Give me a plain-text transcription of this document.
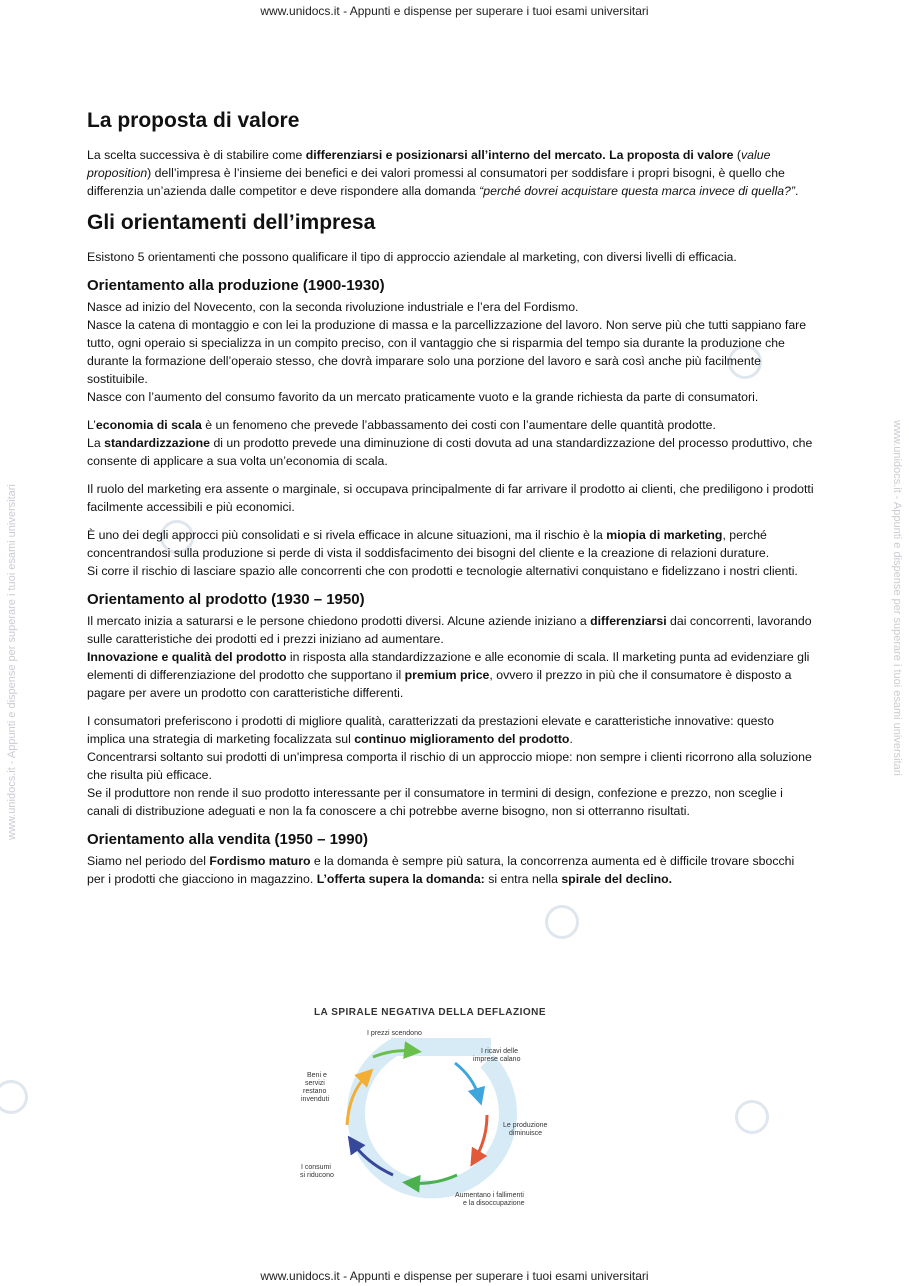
www.unidocs.it - Appunti e dispense per superare i tuoi esami universitari
www.unidocs.it - Appunti e dispense per superare i tuoi esami universitari	www.unidocs.it - Appunti e dispense per superare i tuoi esami universitari
La proposta di valore

La scelta successiva è di stabilire come differenziarsi e posizionarsi all’interno del mercato. La proposta di valore (value proposition) dell’impresa è l’insieme dei benefici e dei valori promessi al consumatori per soddisfare i propri bisogni, è quello che differenzia un’azienda dalle competitor e deve rispondere alla domanda “perché dovrei acquistare questa marca invece di quella?”.

Gli orientamenti dell’impresa

Esistono 5 orientamenti che possono qualificare il tipo di approccio aziendale al marketing, con diversi livelli di efficacia.

Orientamento alla produzione (1900-1930)

Nasce ad inizio del Novecento, con la seconda rivoluzione industriale e l’era del Fordismo.

Nasce la catena di montaggio e con lei la produzione di massa e la parcellizzazione del lavoro. Non serve più che tutti sappiano fare tutto, ogni operaio si specializza in un compito preciso, con il vantaggio che si risparmia del tempo sia durante la produzione che durante la formazione dell’operaio stesso, che dovrà imparare solo una porzione del lavoro e sarà così anche più facilmente sostituibile.

Nasce con l’aumento del consumo favorito da un mercato praticamente vuoto e la grande richiesta da parte di consumatori.

L’economia di scala è un fenomeno che prevede l’abbassamento dei costi con l’aumentare delle quantità prodotte.

La standardizzazione di un prodotto prevede una diminuzione di costi dovuta ad una standardizzazione del processo produttivo, che consente di applicare a sua volta un’economia di scala.

Il ruolo del marketing era assente o marginale, si occupava principalmente di far arrivare il prodotto ai clienti, che prediligono i prodotti facilmente accessibili e più economici.

È uno dei degli approcci più consolidati e si rivela efficace in alcune situazioni, ma il rischio è la miopia di marketing, perché concentrandosi sulla produzione si perde di vista il soddisfacimento dei bisogni del cliente e la creazione di relazioni durature.

Si corre il rischio di lasciare spazio alle concorrenti che con prodotti e tecnologie alternativi conquistano e fidelizzano i nostri clienti.

Orientamento al prodotto (1930 – 1950)

Il mercato inizia a saturarsi e le persone chiedono prodotti diversi. Alcune aziende iniziano a differenziarsi dai concorrenti, lavorando sulle caratteristiche dei prodotti ed i prezzi iniziano ad aumentare.

Innovazione e qualità del prodotto in risposta alla standardizzazione e alle economie di scala. Il marketing punta ad evidenziare gli elementi di differenziazione del prodotto che supportano il premium price, ovvero il prezzo in più che il consumatore è disposto a pagare per avere un prodotto con caratteristiche differenti.

I consumatori preferiscono i prodotti di migliore qualità, caratterizzati da prestazioni elevate e caratteristiche innovative: questo implica una strategia di marketing focalizzata sul continuo miglioramento del prodotto.

Concentrarsi soltanto sui prodotti di un'impresa comporta il rischio di un approccio miope: non sempre i clienti ricorrono alla soluzione che risulta più efficace.

Se il produttore non rende il suo prodotto interessante per il consumatore in termini di design, confezione e prezzo, non sceglie i canali di distribuzione adeguati e non la fa conoscere a chi potrebbe averne bisogno, non si otterranno risultati.

Orientamento alla vendita (1950 – 1990)

Siamo nel periodo del Fordismo maturo e la domanda è sempre più satura, la concorrenza aumenta ed è difficile trovare sbocchi per i prodotti che giacciono in magazzino. L’offerta supera la domanda: si entra nella spirale del declino.

LA SPIRALE NEGATIVA DELLA DEFLAZIONE
I prezzi scendono
I ricavi delle
imprese calano
Le produzione
diminuisce
Aumentano i fallimenti
e la disoccupazione
I consumi
si riducono
Beni e
servizi
restano
invenduti
www.unidocs.it - Appunti e dispense per superare i tuoi esami universitari
